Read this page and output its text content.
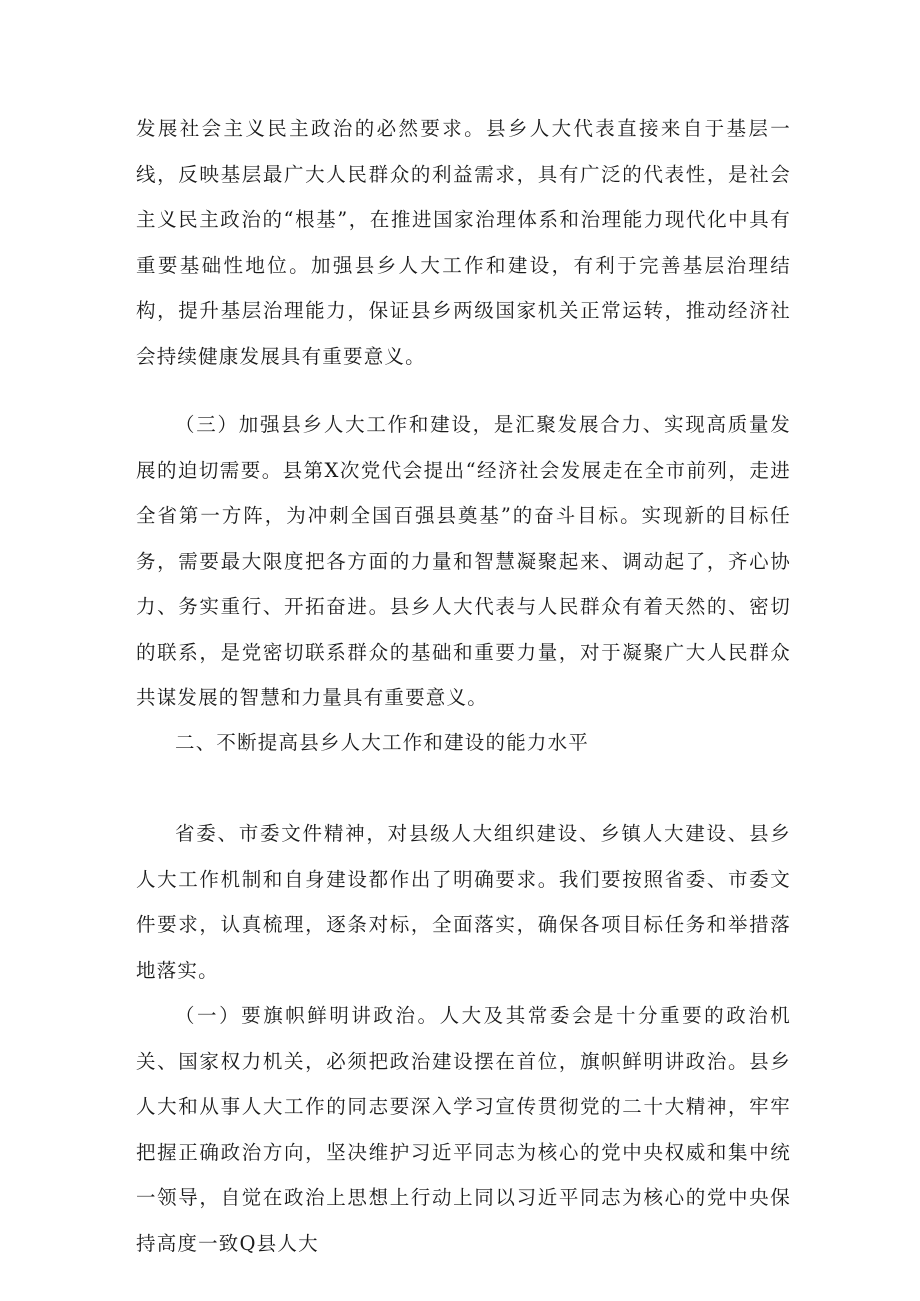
发展社会主义民主政治的必然要求。县乡人大代表直接来自于基层一线，反映基层最广大人民群众的利益需求，具有广泛的代表性，是社会主义民主政治的“根基”，在推进国家治理体系和治理能力现代化中具有重要基础性地位。加强县乡人大工作和建设，有利于完善基层治理结构，提升基层治理能力，保证县乡两级国家机关正常运转，推动经济社会持续健康发展具有重要意义。

（三）加强县乡人大工作和建设，是汇聚发展合力、实现高质量发展的迫切需要。县第X次党代会提出“经济社会发展走在全市前列，走进全省第一方阵，为冲刺全国百强县奠基”的奋斗目标。实现新的目标任务，需要最大限度把各方面的力量和智慧凝聚起来、调动起了，齐心协力、务实重行、开拓奋进。县乡人大代表与人民群众有着天然的、密切的联系，是党密切联系群众的基础和重要力量，对于凝聚广大人民群众共谋发展的智慧和力量具有重要意义。

二、不断提高县乡人大工作和建设的能力水平

省委、市委文件精神，对县级人大组织建设、乡镇人大建设、县乡人大工作机制和自身建设都作出了明确要求。我们要按照省委、市委文件要求，认真梳理，逐条对标，全面落实，确保各项目标任务和举措落地落实。

（一）要旗帜鲜明讲政治。人大及其常委会是十分重要的政治机关、国家权力机关，必须把政治建设摆在首位，旗帜鲜明讲政治。县乡人大和从事人大工作的同志要深入学习宣传贯彻党的二十大精神，牢牢把握正确政治方向，坚决维护习近平同志为核心的党中央权威和集中统一领导，自觉在政治上思想上行动上同以习近平同志为核心的党中央保持高度一致Q县人大
